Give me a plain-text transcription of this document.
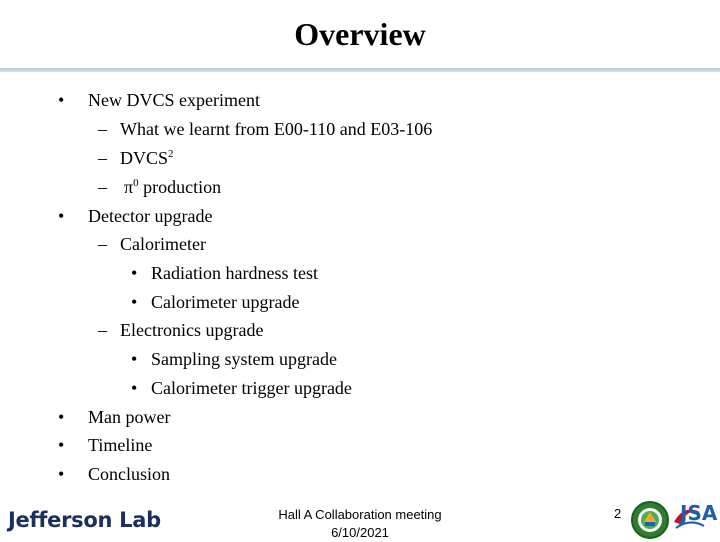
Overview
• New DVCS experiment
– What we learnt from E00-110 and E03-106
– DVCS$^2$
– $\pi^0$ production
• Detector upgrade
– Calorimeter
• Radiation hardness test
• Calorimeter upgrade
– Electronics upgrade
• Sampling system upgrade
• Calorimeter trigger upgrade
• Man power
• Timeline
• Conclusion
Jefferson Lab	Hall A Collaboration meeting
6/10/2021
2	JSA
